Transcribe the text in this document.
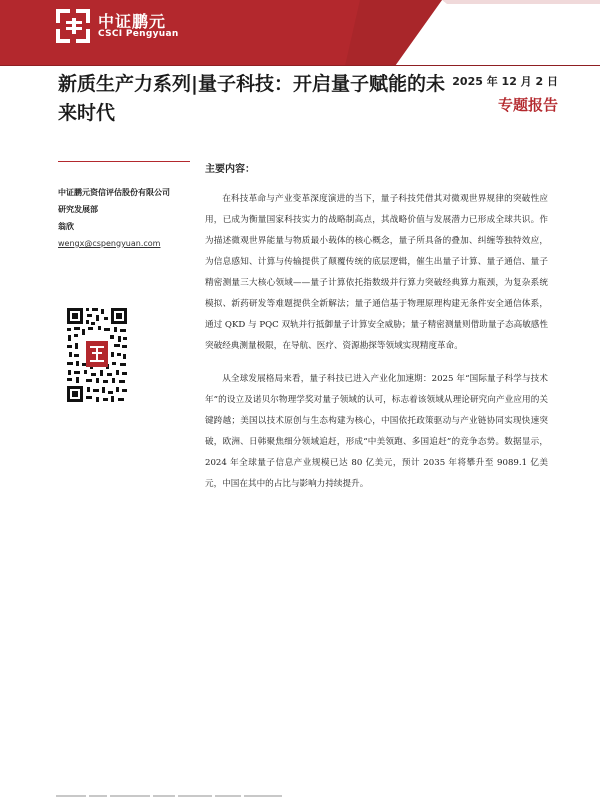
中证鹏元
CSCI Pengyuan
新质生产力系列|量子科技：开启量子赋能的未来时代
2025 年 12 月 2 日
专题报告
中证鹏元资信评估股份有限公司
研究发展部
翁欣
wengx@cspengyuan.com
主要内容：

在科技革命与产业变革深度演进的当下，量子科技凭借其对微观世界规律的突破性应用，已成为衡量国家科技实力的战略制高点，其战略价值与发展潜力已形成全球共识。作为描述微观世界能量与物质最小载体的核心概念，量子所具备的叠加、纠缠等独特效应，为信息感知、计算与传输提供了颠覆传统的底层逻辑，催生出量子计算、量子通信、量子精密测量三大核心领域——量子计算依托指数级并行算力突破经典算力瓶颈，为复杂系统模拟、新药研发等难题提供全新解法；量子通信基于物理原理构建无条件安全通信体系，通过 QKD 与 PQC 双轨并行抵御量子计算安全威胁；量子精密测量则借助量子态高敏感性突破经典测量极限，在导航、医疗、资源勘探等领域实现精度革命。

从全球发展格局来看，量子科技已进入产业化加速期：2025 年“国际量子科学与技术年”的设立及诺贝尔物理学奖对量子领域的认可，标志着该领域从理论研究向产业应用的关键跨越；美国以技术原创与生态构建为核心，中国依托政策驱动与产业链协同实现快速突破，欧洲、日韩聚焦细分领域追赶，形成“中美领跑、多国追赶”的竞争态势。数据显示，2024 年全球量子信息产业规模已达 80 亿美元，预计 2035 年将攀升至 9089.1 亿美元，中国在其中的占比与影响力持续提升。
